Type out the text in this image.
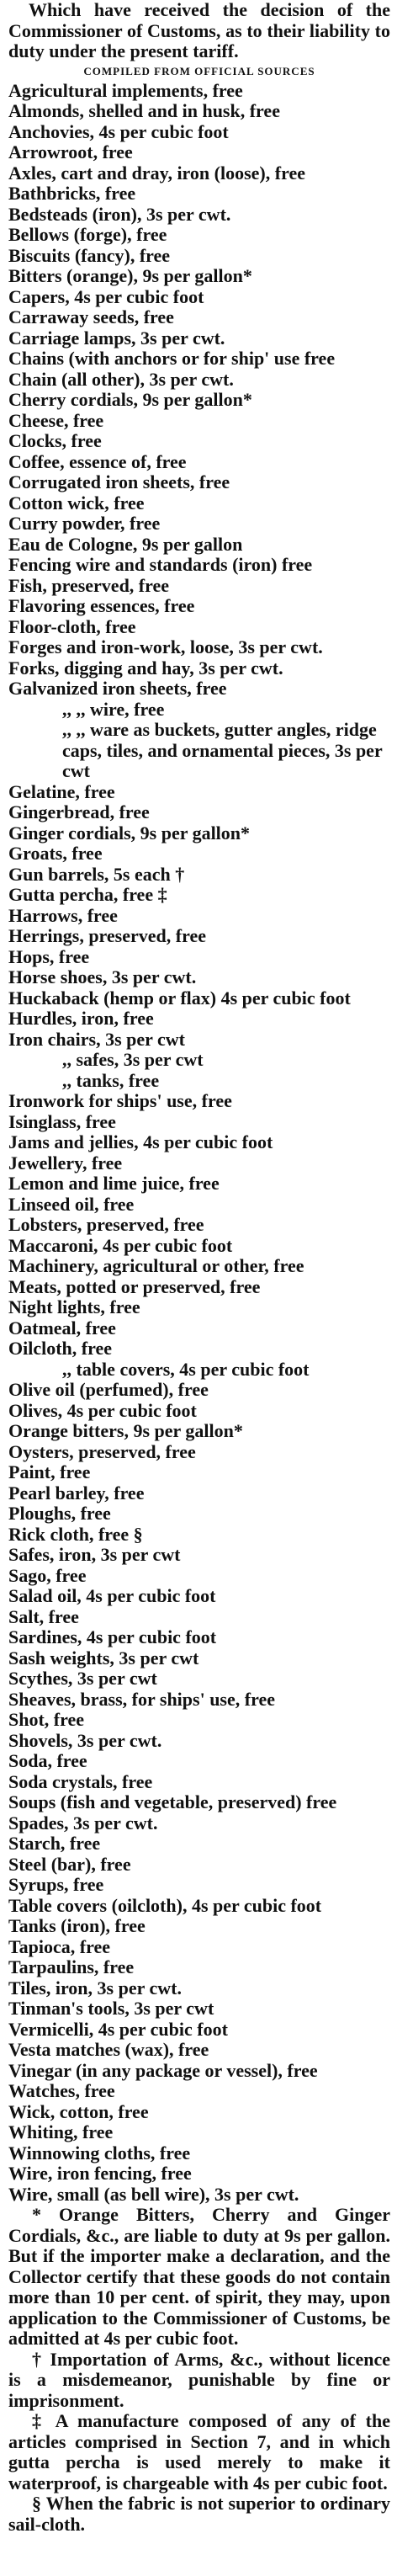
Which have received the decision of the Commissioner of Customs, as to their liability to duty under the present tariff.

COMPILED FROM OFFICIAL SOURCES
Agricultural implements, free
Almonds, shelled and in husk, free
Anchovies, 4s per cubic foot
Arrowroot, free
Axles, cart and dray, iron (loose), free
Bathbricks, free
Bedsteads (iron), 3s per cwt.
Bellows (forge), free
Biscuits (fancy), free
Bitters (orange), 9s per gallon*
Capers, 4s per cubic foot
Carraway seeds, free
Carriage lamps, 3s per cwt.
Chains (with anchors or for ship' use free
Chain (all other), 3s per cwt.
Cherry cordials, 9s per gallon*
Cheese, free
Clocks, free
Coffee, essence of, free
Corrugated iron sheets, free
Cotton wick, free
Curry powder, free
Eau de Cologne, 9s per gallon
Fencing wire and standards (iron) free
Fish, preserved, free
Flavoring essences, free
Floor-cloth, free
Forges and iron-work, loose, 3s per cwt.
Forks, digging and hay, 3s per cwt.
Galvanized iron sheets, free
,, ,, wire, free
,, ,, ware as buckets, gutter angles, ridge caps, tiles, and ornamental pieces, 3s per cwt
Gelatine, free
Gingerbread, free
Ginger cordials, 9s per gallon*
Groats, free
Gun barrels, 5s each †
Gutta percha, free ‡
Harrows, free
Herrings, preserved, free
Hops, free
Horse shoes, 3s per cwt.
Huckaback (hemp or flax) 4s per cubic foot
Hurdles, iron, free
Iron chairs, 3s per cwt
,, safes, 3s per cwt
,, tanks, free
Ironwork for ships' use, free
Isinglass, free
Jams and jellies, 4s per cubic foot
Jewellery, free
Lemon and lime juice, free
Linseed oil, free
Lobsters, preserved, free
Maccaroni, 4s per cubic foot
Machinery, agricultural or other, free
Meats, potted or preserved, free
Night lights, free
Oatmeal, free
Oilcloth, free
,, table covers, 4s per cubic foot
Olive oil (perfumed), free
Olives, 4s per cubic foot
Orange bitters, 9s per gallon*
Oysters, preserved, free
Paint, free
Pearl barley, free
Ploughs, free
Rick cloth, free §
Safes, iron, 3s per cwt
Sago, free
Salad oil, 4s per cubic foot
Salt, free
Sardines, 4s per cubic foot
Sash weights, 3s per cwt
Scythes, 3s per cwt
Sheaves, brass, for ships' use, free
Shot, free
Shovels, 3s per cwt.
Soda, free
Soda crystals, free
Soups (fish and vegetable, preserved) free
Spades, 3s per cwt.
Starch, free
Steel (bar), free
Syrups, free
Table covers (oilcloth), 4s per cubic foot
Tanks (iron), free
Tapioca, free
Tarpaulins, free
Tiles, iron, 3s per cwt.
Tinman's tools, 3s per cwt
Vermicelli, 4s per cubic foot
Vesta matches (wax), free
Vinegar (in any package or vessel), free
Watches, free
Wick, cotton, free
Whiting, free
Winnowing cloths, free
Wire, iron fencing, free
Wire, small (as bell wire), 3s per cwt.

* Orange Bitters, Cherry and Ginger Cordials, &c., are liable to duty at 9s per gallon. But if the importer make a declaration, and the Collector certify that these goods do not contain more than 10 per cent. of spirit, they may, upon application to the Commissioner of Customs, be admitted at 4s per cubic foot.

† Importation of Arms, &c., without licence is a misdemeanor, punishable by fine or imprisonment.

‡ A manufacture composed of any of the articles comprised in Section 7, and in which gutta percha is used merely to make it waterproof, is chargeable with 4s per cubic foot.

§ When the fabric is not superior to ordinary sail-cloth.
